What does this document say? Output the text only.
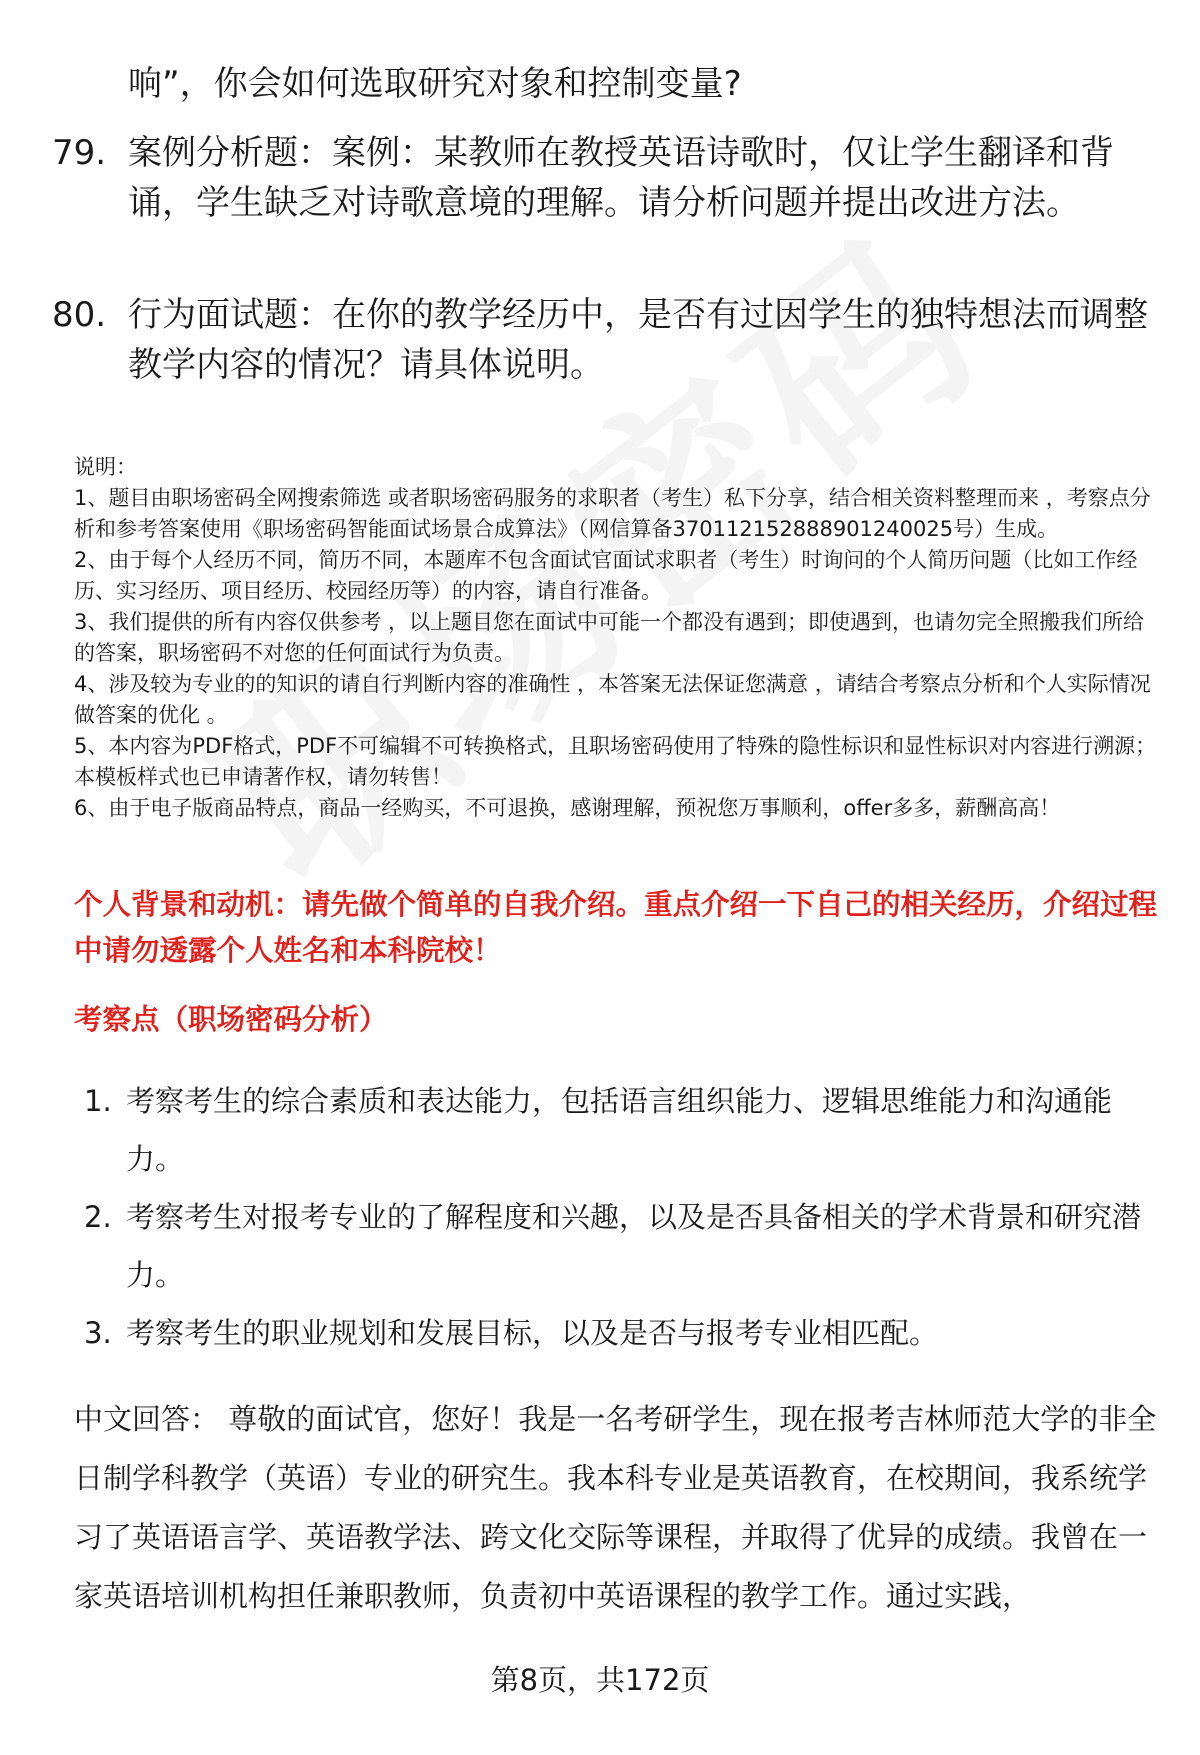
响”，你会如何选取研究对象和控制变量?
79. 案例分析题：案例：某教师在教授英语诗歌时，仅让学生翻译和背诵，学生缺乏对诗歌意境的理解。请分析问题并提出改进方法。
80. 行为面试题：在你的教学经历中，是否有过因学生的独特想法而调整教学内容的情况？请具体说明。
说明：
1、题目由职场密码全网搜索筛选 或者职场密码服务的求职者（考生）私下分享，结合相关资料整理而来 ，考察点分析和参考答案使用《职场密码智能面试场景合成算法》（网信算备370112152888901240025号）生成。
2、由于每个人经历不同，简历不同，本题库不包含面试官面试求职者（考生）时询问的个人简历问题（比如工作经历、实习经历、项目经历、校园经历等）的内容，请自行准备。
3、我们提供的所有内容仅供参考 ，以上题目您在面试中可能一个都没有遇到；即使遇到，也请勿完全照搬我们所给的答案，职场密码不对您的任何面试行为负责。
4、涉及较为专业的的知识的请自行判断内容的准确性 ，本答案无法保证您满意 ，请结合考察点分析和个人实际情况做答案的优化 。
5、本内容为PDF格式，PDF不可编辑不可转换格式，且职场密码使用了特殊的隐性标识和显性标识对内容进行溯源；本模板样式也已申请著作权，请勿转售！
6、由于电子版商品特点，商品一经购买，不可退换，感谢理解，预祝您万事顺利，offer多多，薪酬高高！
个人背景和动机：请先做个简单的自我介绍。重点介绍一下自己的相关经历，介绍过程中请勿透露个人姓名和本科院校！
考察点（职场密码分析）
1. 考察考生的综合素质和表达能力，包括语言组织能力、逻辑思维能力和沟通能力。
2. 考察考生对报考专业的了解程度和兴趣，以及是否具备相关的学术背景和研究潜力。
3. 考察考生的职业规划和发展目标，以及是否与报考专业相匹配。
中文回答： 尊敬的面试官，您好！我是一名考研学生，现在报考吉林师范大学的非全日制学科教学（英语）专业的研究生。我本科专业是英语教育，在校期间，我系统学习了英语语言学、英语教学法、跨文化交际等课程，并取得了优异的成绩。我曾在一家英语培训机构担任兼职教师，负责初中英语课程的教学工作。通过实践，
第8页，共172页
